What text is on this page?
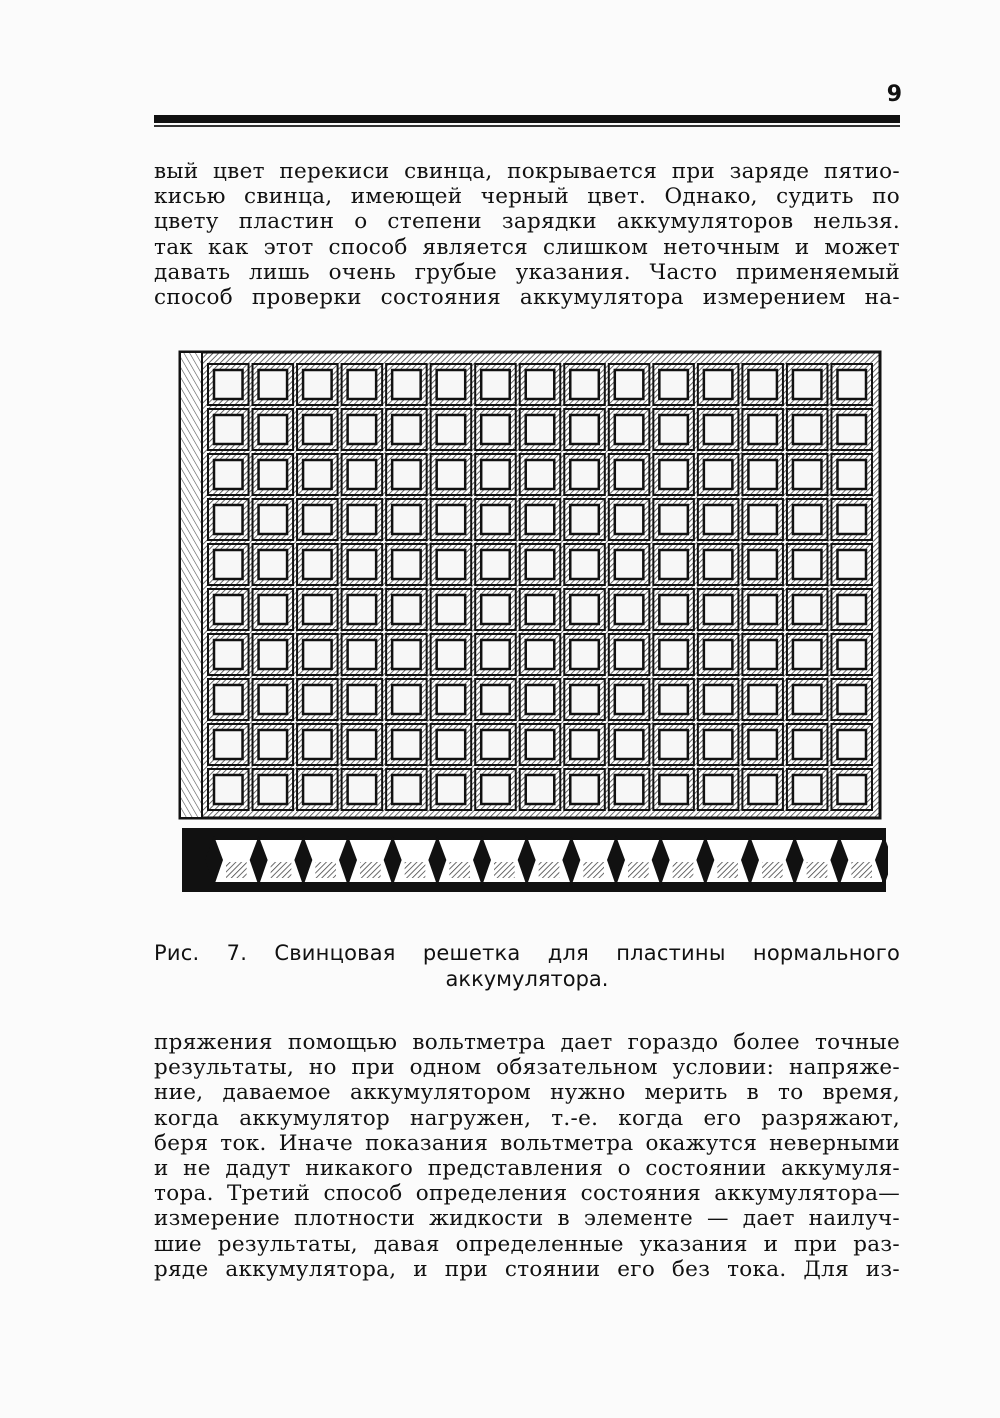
9
вый цвет перекиси свинца, покрывается при заряде пятио-
кисью свинца, имеющей черный цвет. Однако, судить по
цвету пластин о степени зарядки аккумуляторов нельзя.
так как этот способ является слишком неточным и может
давать лишь очень грубые указания. Часто применяемый
способ проверки состояния аккумулятора измерением на-
Рис. 7. Свинцовая решетка для пластины нормального
аккумулятора.
пряжения помощью вольтметра дает гораздо более точные
результаты, но при одном обязательном условии: напряже-
ние, даваемое аккумулятором нужно мерить в то время,
когда аккумулятор нагружен, т.-е. когда его разряжают,
беря ток. Иначе показания вольтметра окажутся неверными
и не дадут никакого представления о состоянии аккумуля-
тора. Третий способ определения состояния аккумулятора—
измерение плотности жидкости в элементе — дает наилуч-
шие результаты, давая определенные указания и при раз-
ряде аккумулятора, и при стоянии его без тока. Для из-
